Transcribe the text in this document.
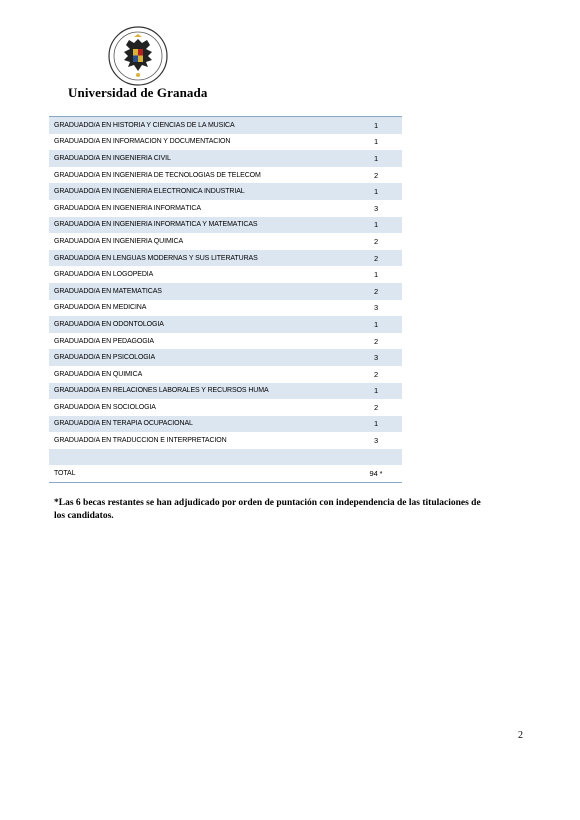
Universidad de Granada
GRADUADO/A EN HISTORIA Y CIENCIAS DE LA MÚSICA	1
GRADUADO/A EN INFORMACIÓN Y DOCUMENTACIÓN	1
GRADUADO/A EN INGENIERÍA CIVIL	1
GRADUADO/A EN INGENIERÍA DE TECNOLOGÍAS DE TELECOM	2
GRADUADO/A EN INGENIERÍA ELECTRÓNICA INDUSTRIAL	1
GRADUADO/A EN INGENIERÍA INFORMÁTICA	3
GRADUADO/A EN INGENIERÍA INFORMÁTICA Y MATEMÁTICAS	1
GRADUADO/A EN INGENIERÍA QUÍMICA	2
GRADUADO/A EN LENGUAS MODERNAS Y SUS LITERATURAS	2
GRADUADO/A EN LOGOPEDIA	1
GRADUADO/A EN MATEMÁTICAS	2
GRADUADO/A EN MEDICINA	3
GRADUADO/A EN ODONTOLOGÍA	1
GRADUADO/A EN PEDAGOGÍA	2
GRADUADO/A EN PSICOLOGÍA	3
GRADUADO/A EN QUÍMICA	2
GRADUADO/A EN RELACIONES LABORALES Y RECURSOS HUMA	1
GRADUADO/A EN SOCIOLOGÍA	2
GRADUADO/A EN TERAPIA OCUPACIONAL	1
GRADUADO/A EN TRADUCCIÓN E INTERPRETACIÓN	3
TOTAL	94 *
*Las 6 becas restantes se han adjudicado por orden de puntación con independencia de las titulaciones de los candidatos.
2
